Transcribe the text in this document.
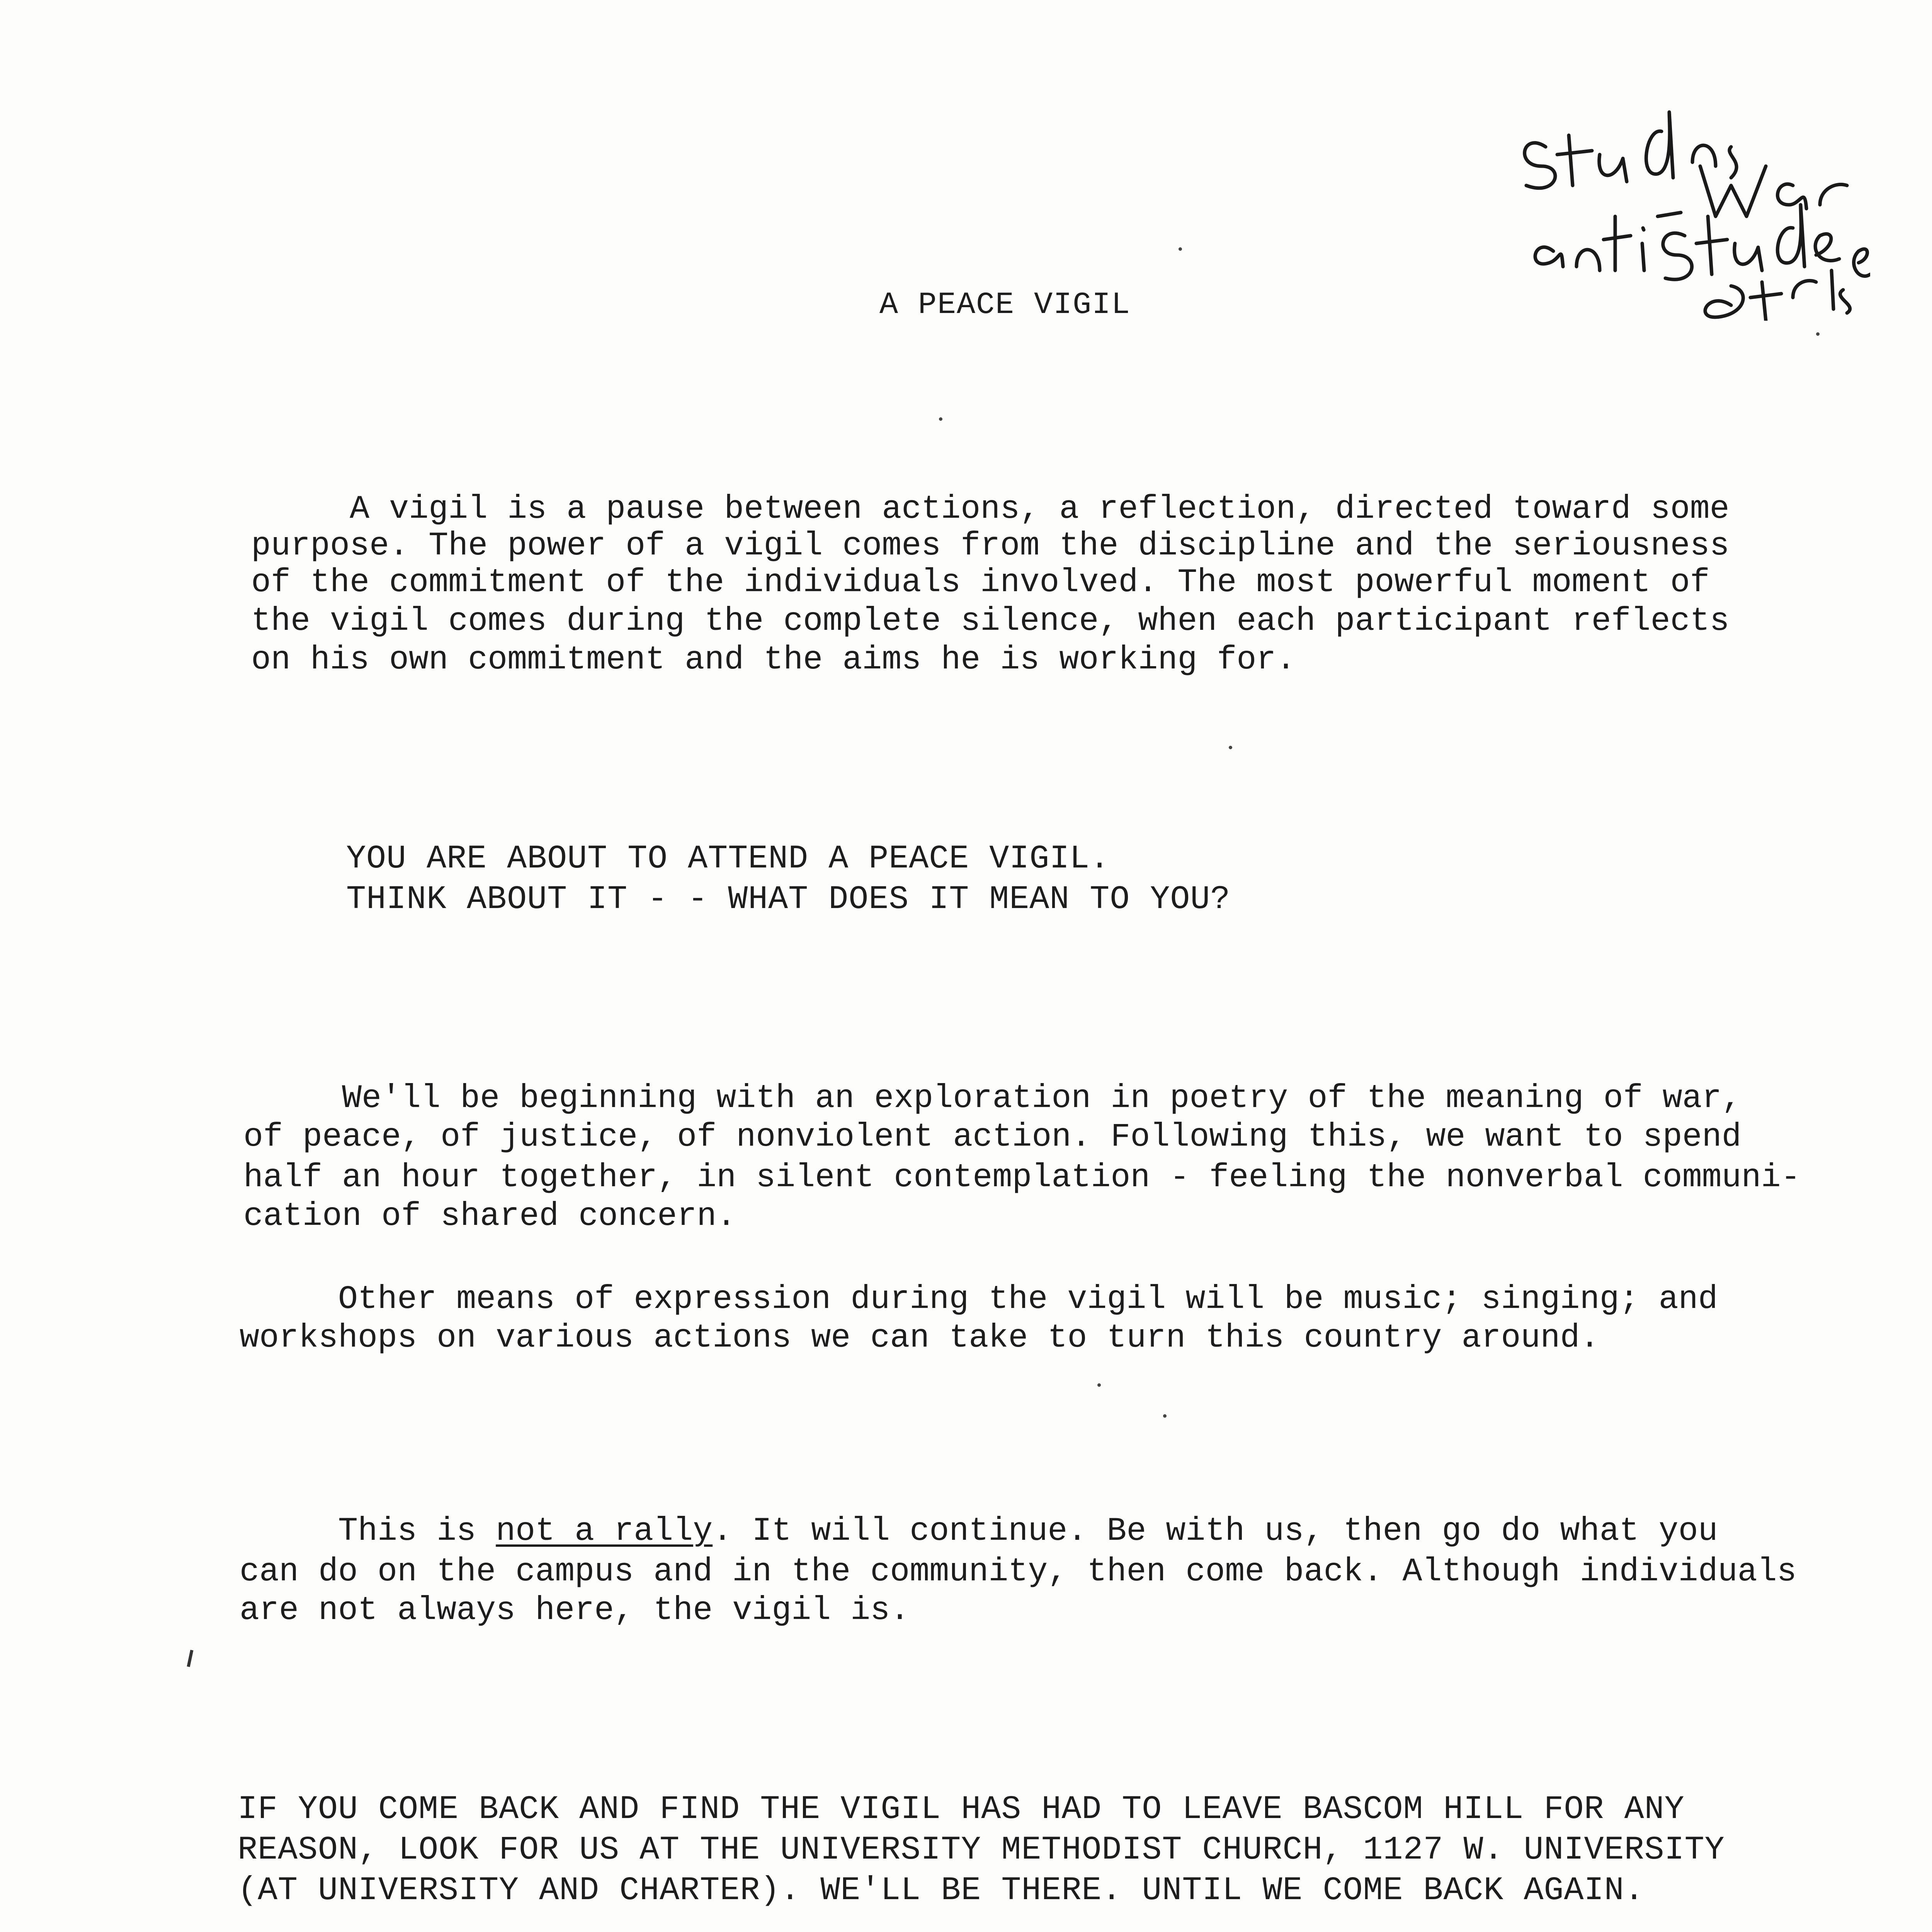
A PEACE VIGIL
A vigil is a pause between actions, a reflection, directed toward some
purpose. The power of a vigil comes from the discipline and the seriousness
of the commitment of the individuals involved. The most powerful moment of
the vigil comes during the complete silence, when each participant reflects
on his own commitment and the aims he is working for.
YOU ARE ABOUT TO ATTEND A PEACE VIGIL.
THINK ABOUT IT - - WHAT DOES IT MEAN TO YOU?
We'll be beginning with an exploration in poetry of the meaning of war,
of peace, of justice, of nonviolent action. Following this, we want to spend
half an hour together, in silent contemplation - feeling the nonverbal communi-
cation of shared concern.
Other means of expression during the vigil will be music; singing; and
workshops on various actions we can take to turn this country around.
This is not a rally. It will continue. Be with us, then go do what you
can do on the campus and in the community, then come back. Although individuals
are not always here, the vigil is.
IF YOU COME BACK AND FIND THE VIGIL HAS HAD TO LEAVE BASCOM HILL FOR ANY
REASON, LOOK FOR US AT THE UNIVERSITY METHODIST CHURCH, 1127 W. UNIVERSITY
(AT UNIVERSITY AND CHARTER). WE'LL BE THERE. UNTIL WE COME BACK AGAIN.
